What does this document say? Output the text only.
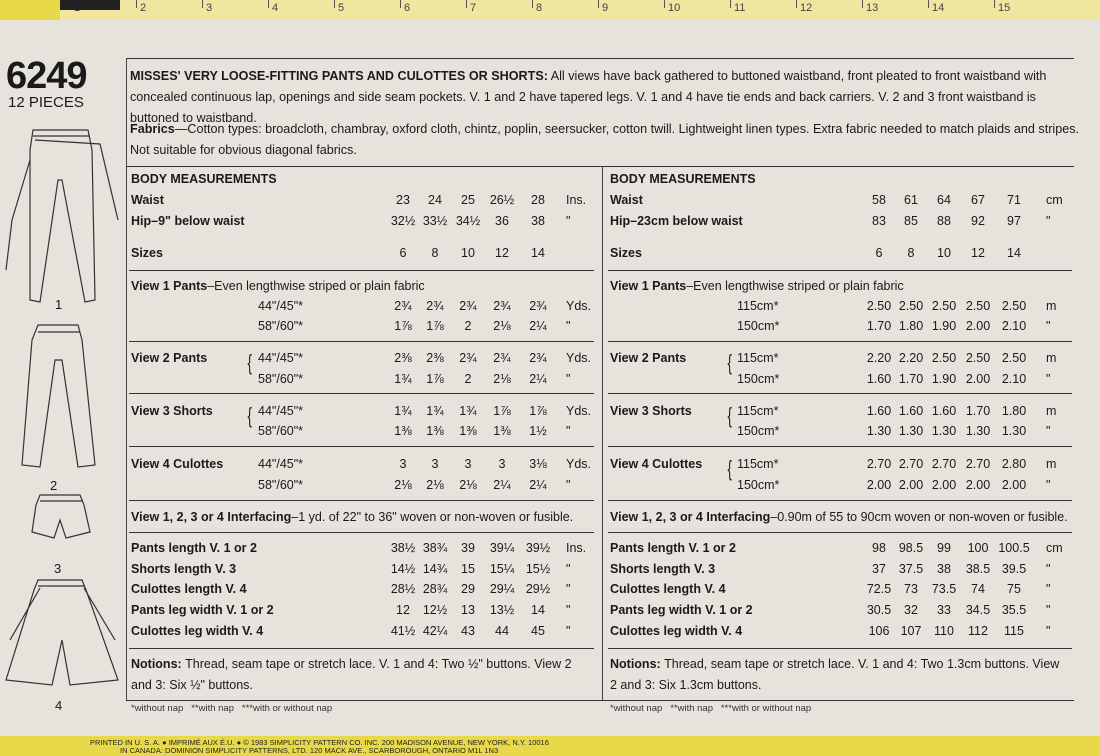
2	3	4	5	6	7	8	9	10	11	12	13	14	15
6249
12 PIECES
1
2
3
4
MISSES' VERY LOOSE-FITTING PANTS AND CULOTTES OR SHORTS: All views have back gathered to buttoned waistband, front pleated to front waistband with concealed continuous lap, openings and side seam pockets. V. 1 and 2 have tapered legs. V. 1 and 4 have tie ends and back carriers. V. 2 and 3 front waistband is buttoned to waistband.
Fabrics—Cotton types: broadcloth, chambray, oxford cloth, chintz, poplin, seersucker, cotton twill. Lightweight linen types. Extra fabric needed to match plaids and stripes. Not suitable for obvious diagonal fabrics.
BODY MEASUREMENTS
Waist	23	24	25	26½	28	Ins.
Hip–9" below waist	32½ 33½ 34½	36	38	"
Sizes	6	8	10	12	14
View 1 Pants–Even lengthwise striped or plain fabric
44"/45"*	2¾	2¾	2¾	2¾	2¾	Yds.
58"/60"*	1⅞	1⅞	2	2⅛	2¼	"
View 2 Pants { 44"/45"*	2⅜	2⅜	2¾	2¾	2¾	Yds.
58"/60"*	1¾	1⅞	2	2⅛	2¼	"
View 3 Shorts { 44"/45"*	1¾	1¾	1¾	1⅞	1⅞	Yds.
58"/60"*	1⅜	1⅜	1⅜	1⅜	1½	"
View 4 Culottes	44"/45"*	3	3	3	3	3⅛	Yds.
58"/60"*	2⅛	2⅛	2⅛	2¼	2¼	"
View 1, 2, 3 or 4 Interfacing–1 yd. of 22" to 36" woven or non-woven or fusible.
Pants length V. 1 or 2	38½ 38¾	39	39¼ 39½	Ins.
Shorts length V. 3	14½ 14¾	15	15¼ 15½	"
Culottes length V. 4	28½ 28¾	29	29¼ 29½	"
Pants leg width V. 1 or 2	12	12½	13	13½	14	"
Culottes leg width V. 4	41½ 42¼	43	44	45	"
Notions: Thread, seam tape or stretch lace. V. 1 and 4: Two ½" buttons. View 2 and 3: Six ½" buttons.
*without nap   **with nap   ***with or without nap
BODY MEASUREMENTS
Waist	58	61	64	67	71	cm
Hip–23cm below waist	83	85	88	92	97	"
Sizes	6	8	10	12	14
View 1 Pants–Even lengthwise striped or plain fabric
115cm*	2.50 2.50 2.50 2.50 2.50	m
150cm*	1.70 1.80 1.90 2.00 2.10	"
View 2 Pants { 115cm*	2.20 2.20 2.50 2.50 2.50	m
150cm*	1.60 1.70 1.90 2.00 2.10	"
View 3 Shorts { 115cm*	1.60 1.60 1.60 1.70 1.80	m
150cm*	1.30 1.30 1.30 1.30 1.30	"
View 4 Culottes { 115cm*	2.70 2.70 2.70 2.70 2.80	m
150cm*	2.00 2.00 2.00 2.00 2.00	"
View 1, 2, 3 or 4 Interfacing–0.90m of 55 to 90cm woven or non-woven or fusible.
Pants length V. 1 or 2	98	98.5	99	100 100.5 cm
Shorts length V. 3	37	37.5	38	38.5 39.5	"
Culottes length V. 4	72.5	73	73.5	74	75	"
Pants leg width V. 1 or 2	30.5	32	33	34.5 35.5	"
Culottes leg width V. 4	106 107	110	112	115	"
Notions: Thread, seam tape or stretch lace. V. 1 and 4: Two 1.3cm buttons. View 2 and 3: Six 1.3cm buttons.
*without nap   **with nap   ***with or without nap
PRINTED IN U. S. A. ● IMPRIMÉ AUX É.U. ● © 1983 SIMPLICITY PATTERN CO. INC. 200 MADISON AVENUE, NEW YORK, N.Y. 10016
IN CANADA: DOMINION SIMPLICITY PATTERNS, LTD. 120 MACK AVE., SCARBOROUGH, ONTARIO M1L 1N3
